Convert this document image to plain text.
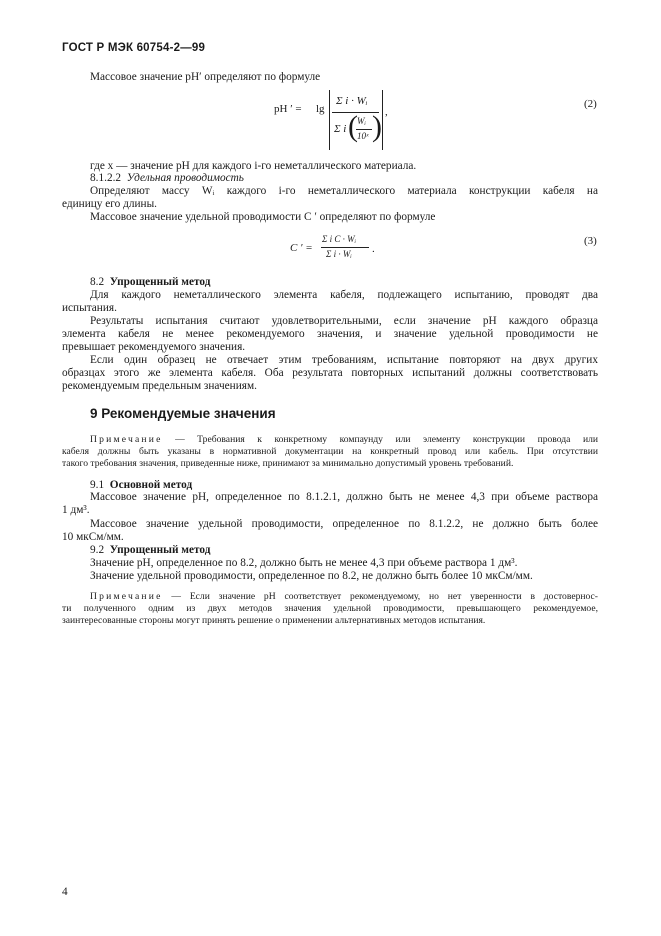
ГОСТ Р МЭК 60754-2—99
Массовое значение рН′ определяют по формуле
рН ′ = lg
Σ i · Wᵢ
Σ i ( Wᵢ
10ˣ ) ,
(2)
где x — значение рН для каждого i-го неметаллического материала.
8.1.2.2 Удельная проводимость
Определяют массу Wᵢ каждого i-го неметаллического материала конструкции кабеля на
единицу его длины.
Массовое значение удельной проводимости C ′ определяют по формуле
C ′ =
Σ i C · Wᵢ
Σ i · Wᵢ .
(3)
8.2 Упрощенный метод
Для каждого неметаллического элемента кабеля, подлежащего испытанию, проводят два
испытания.
Результаты испытания считают удовлетворительными, если значение рН каждого образца
элемента кабеля не менее рекомендуемого значения, и значение удельной проводимости не
превышает рекомендуемого значения.
Если один образец не отвечает этим требованиям, испытание повторяют на двух других
образцах этого же элемента кабеля. Оба результата повторных испытаний должны соответствовать
рекомендуемым предельным значениям.
9 Рекомендуемые значения
Примечание — Требования к конкретному компаунду или элементу конструкции провода или
кабеля должны быть указаны в нормативной документации на конкретный провод или кабель. При отсутствии
такого требования значения, приведенные ниже, принимают за минимально допустимый уровень требований.
9.1 Основной метод
Массовое значение рН, определенное по 8.1.2.1, должно быть не менее 4,3 при объеме раствора
1 дм³.
Массовое значение удельной проводимости, определенное по 8.1.2.2, не должно быть более
10 мкСм/мм.
9.2 Упрощенный метод
Значение рН, определенное по 8.2, должно быть не менее 4,3 при объеме раствора 1 дм³.
Значение удельной проводимости, определенное по 8.2, не должно быть более 10 мкСм/мм.
Примечание — Если значение рН соответствует рекомендуемому, но нет уверенности в достовернос-
ти полученного одним из двух методов значения удельной проводимости, превышающего рекомендуемое,
заинтересованные стороны могут принять решение о применении альтернативных методов испытания.
4
